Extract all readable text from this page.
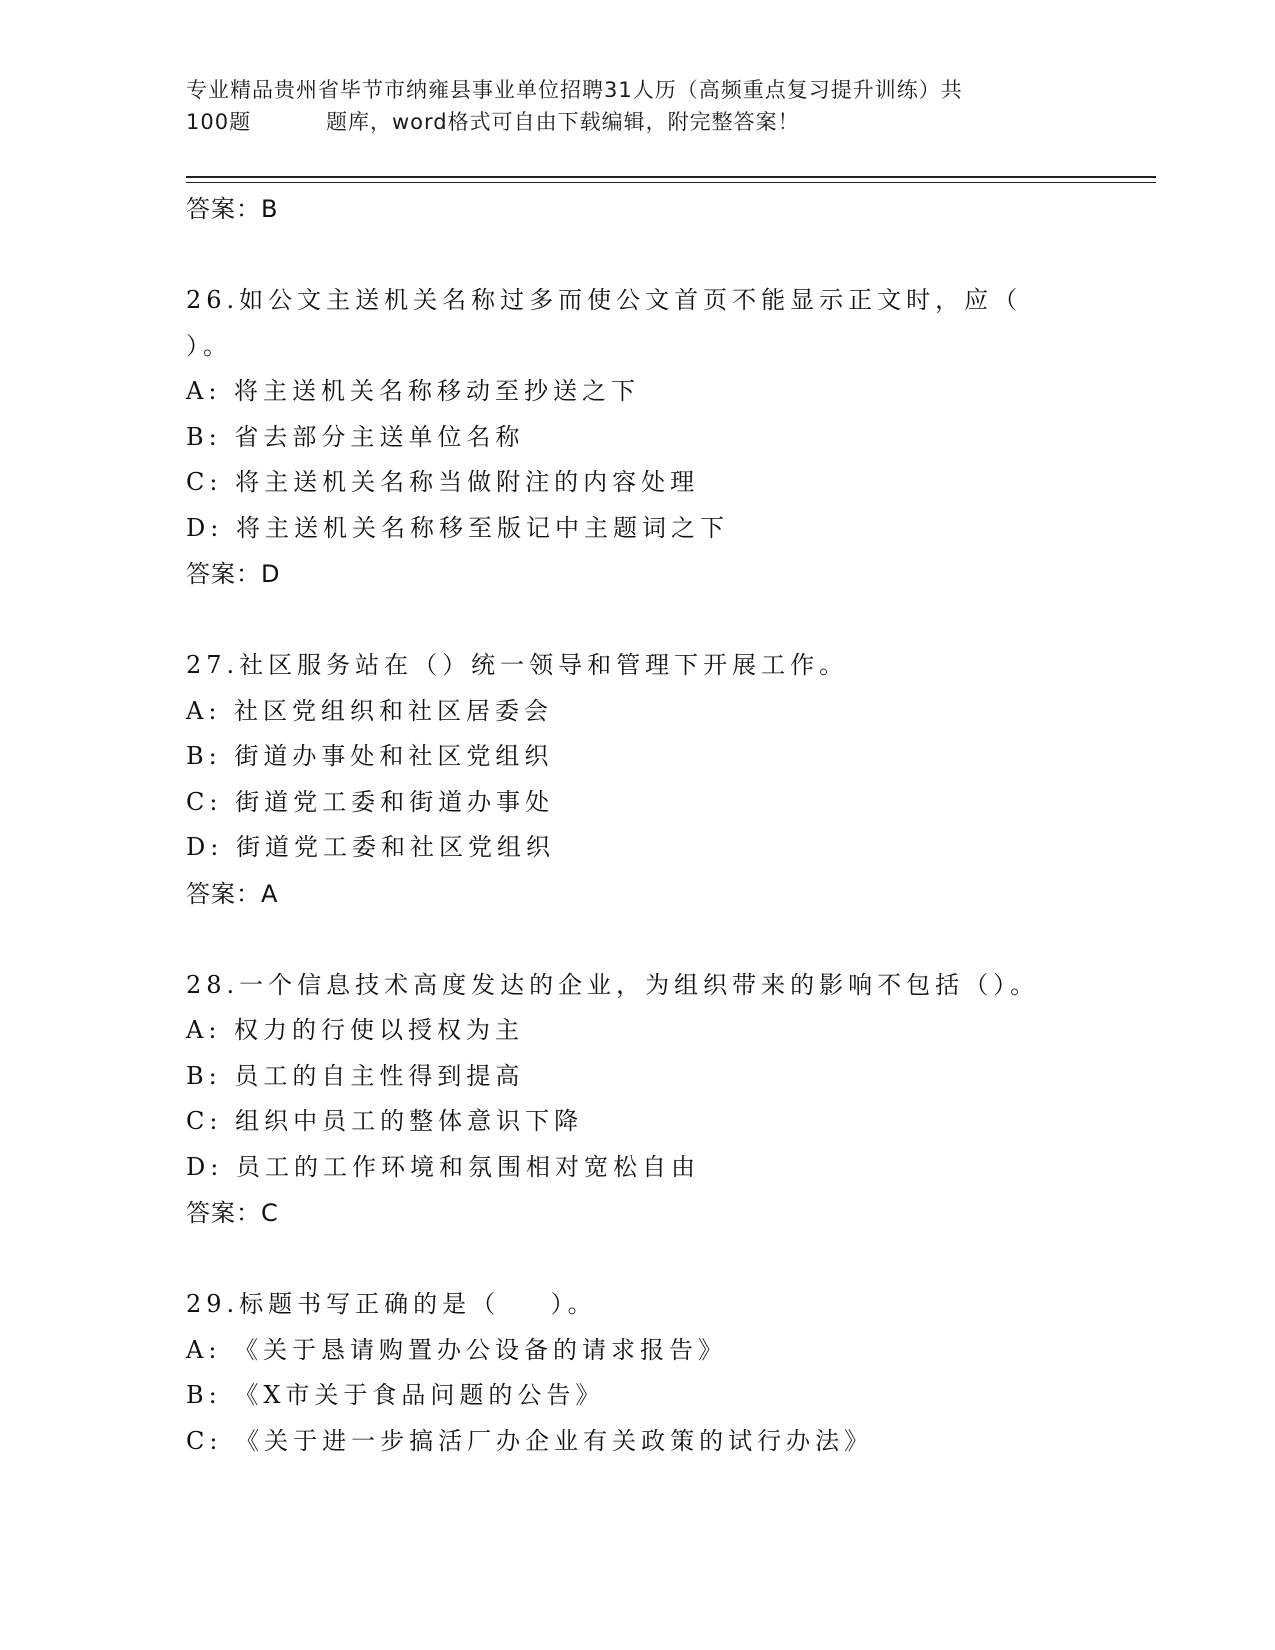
专业精品贵州省毕节市纳雍县事业单位招聘31人历（高频重点复习提升训练）共
100题	题库，word格式可自由下载编辑，附完整答案！
答案：B
26.如公文主送机关名称过多而使公文首页不能显示正文时，应（
）。
A: 将主送机关名称移动至抄送之下
B: 省去部分主送单位名称
C: 将主送机关名称当做附注的内容处理
D: 将主送机关名称移至版记中主题词之下
答案：D
27.社区服务站在（）统一领导和管理下开展工作。
A: 社区党组织和社区居委会
B: 街道办事处和社区党组织
C: 街道党工委和街道办事处
D: 街道党工委和社区党组织
答案：A
28.一个信息技术高度发达的企业，为组织带来的影响不包括（）。
A: 权力的行使以授权为主
B: 员工的自主性得到提高
C: 组织中员工的整体意识下降
D: 员工的工作环境和氛围相对宽松自由
答案：C
29.标题书写正确的是（    ）。
A: 《关于恳请购置办公设备的请求报告》
B: 《X市关于食品问题的公告》
C: 《关于进一步搞活厂办企业有关政策的试行办法》
